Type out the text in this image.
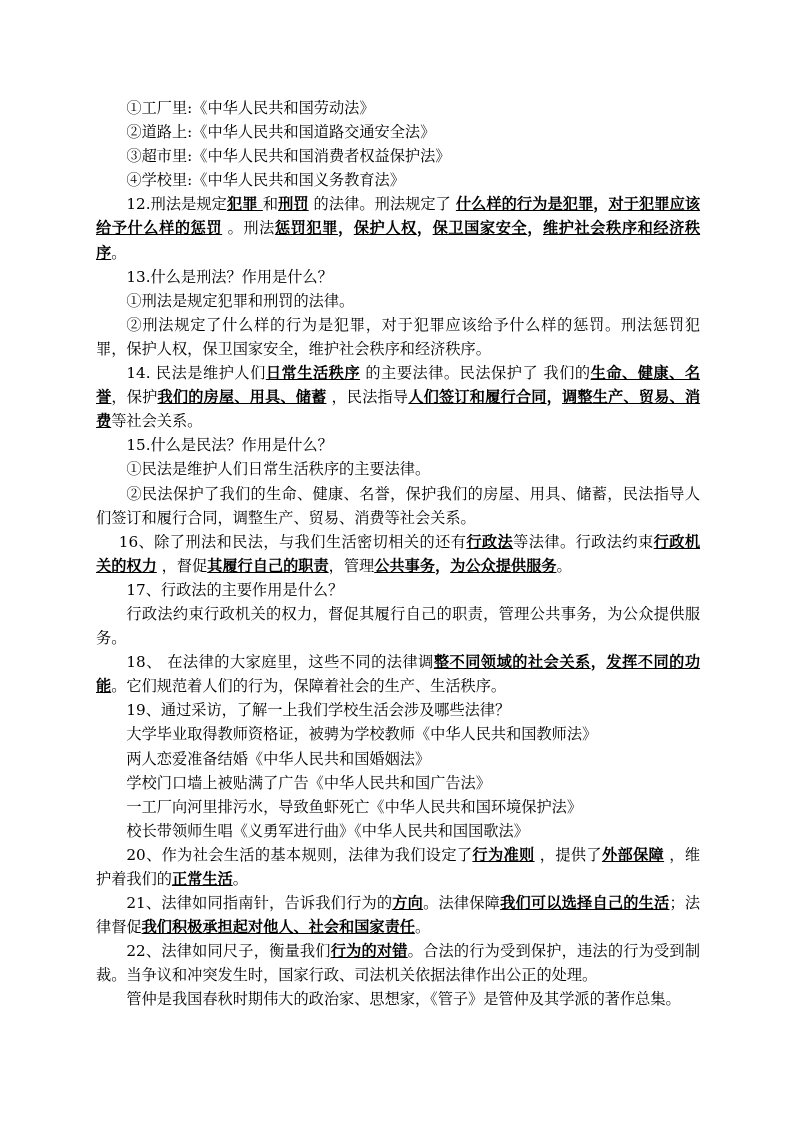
①工厂里:《中华人民共和国劳动法》

②道路上:《中华人民共和国道路交通安全法》

③超市里:《中华人民共和国消费者权益保护法》

④学校里:《中华人民共和国义务教育法》

12.刑法是规定犯罪 和刑罚 的法律。刑法规定了 什么样的行为是犯罪，对于犯罪应该给予什么样的惩罚 。刑法惩罚犯罪，保护人权，保卫国家安全，维护社会秩序和经济秩序。

13.什么是刑法？作用是什么？

①刑法是规定犯罪和刑罚的法律。

②刑法规定了什么样的行为是犯罪，对于犯罪应该给予什么样的惩罚。刑法惩罚犯罪，保护人权，保卫国家安全，维护社会秩序和经济秩序。

14. 民法是维护人们日常生活秩序 的主要法律。民法保护了 我们的生命、健康、名誉，保护我们的房屋、用具、储蓄 ，民法指导人们签订和履行合同，调整生产、贸易、消费等社会关系。

15.什么是民法？作用是什么？

①民法是维护人们日常生活秩序的主要法律。

②民法保护了我们的生命、健康、名誉，保护我们的房屋、用具、储蓄，民法指导人们签订和履行合同，调整生产、贸易、消费等社会关系。

16、除了刑法和民法，与我们生活密切相关的还有行政法等法律。行政法约束行政机关的权力 ，督促其履行自己的职责，管理公共事务，为公众提供服务。

17、行政法的主要作用是什么？

行政法约束行政机关的权力，督促其履行自己的职责，管理公共事务，为公众提供服务。

18、 在法律的大家庭里，这些不同的法律调整不同领域的社会关系，发挥不同的功能。它们规范着人们的行为，保障着社会的生产、生活秩序。

19、通过采访，了解一上我们学校生活会涉及哪些法律？

大学毕业取得教师资格证，被骋为学校教师《中华人民共和国教师法》

两人恋爱准备结婚《中华人民共和国婚姻法》

学校门口墙上被贴满了广告《中华人民共和国广告法》

一工厂向河里排污水，导致鱼虾死亡《中华人民共和国环境保护法》

校长带领师生唱《义勇军进行曲》《中华人民共和国国歌法》

20、作为社会生活的基本规则，法律为我们设定了行为准则 ，提供了外部保障 ，维护着我们的正常生活。

21、法律如同指南针，告诉我们行为的方向。法律保障我们可以选择自己的生活；法律督促我们积极承担起对他人、社会和国家责任。

22、法律如同尺子，衡量我们行为的对错。合法的行为受到保护，违法的行为受到制裁。当争议和冲突发生时，国家行政、司法机关依据法律作出公正的处理。

管仲是我国春秋时期伟大的政治家、思想家，《管子》是管仲及其学派的著作总集。
